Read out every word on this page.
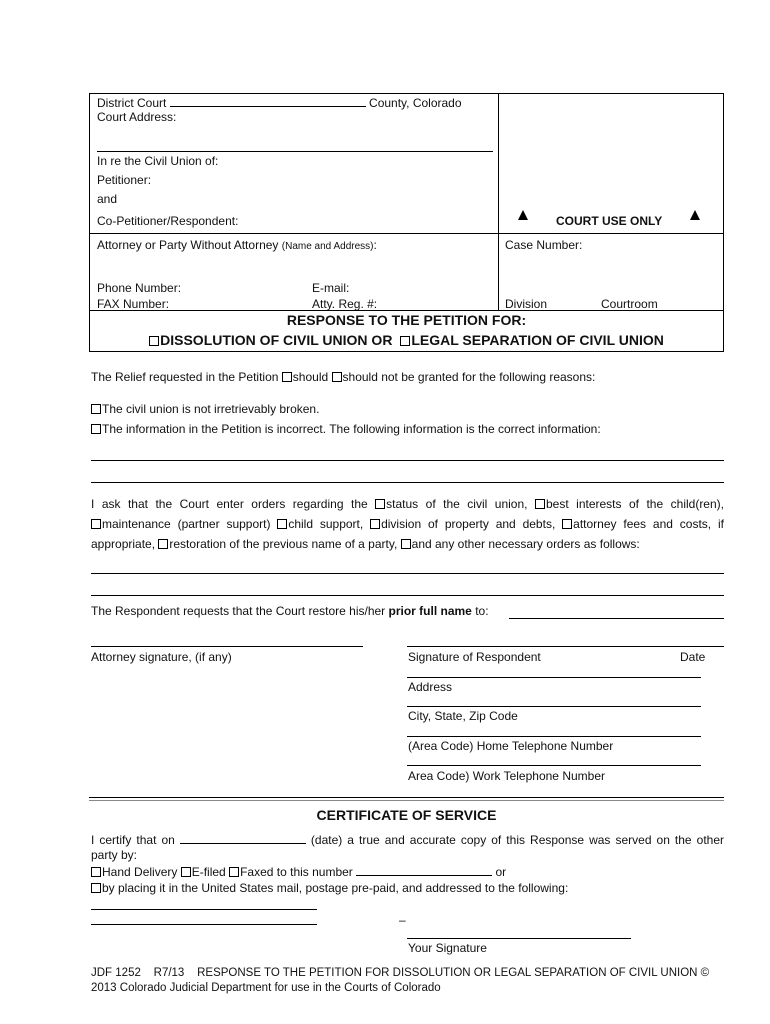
District Court	County, Colorado
Court Address:
In re the Civil Union of:
Petitioner:
and
Co-Petitioner/Respondent:	COURT USE ONLY
Attorney or Party Without Attorney (Name and Address):	Case Number:
Phone Number:	E-mail:
FAX Number:	Atty. Reg. #:	Division	Courtroom
RESPONSE TO THE PETITION FOR:
DISSOLUTION OF CIVIL UNION OR LEGAL SEPARATION OF CIVIL UNION
The Relief requested in the Petition should should not be granted for the following reasons:
The civil union is not irretrievably broken.
The information in the Petition is incorrect. The following information is the correct information:
I ask that the Court enter orders regarding the status of the civil union, best interests of the child(ren),
maintenance (partner support) child support, division of property and debts, attorney fees and costs, if
appropriate, restoration of the previous name of a party, and any other necessary orders as follows:
The Respondent requests that the Court restore his/her prior full name to:
Attorney signature, (if any)	Signature of Respondent	Date
Address
City, State, Zip Code
(Area Code) Home Telephone Number
Area Code) Work Telephone Number
CERTIFICATE OF SERVICE
I certify that on	(date) a true and accurate copy of this Response was served on the other
party by:
Hand Delivery E-filed Faxed to this number	or
by placing it in the United States mail, postage pre-paid, and addressed to the following:
–
Your Signature
JDF 1252    R7/13    RESPONSE TO THE PETITION FOR DISSOLUTION OR LEGAL SEPARATION OF CIVIL UNION ©
2013 Colorado Judicial Department for use in the Courts of Colorado
